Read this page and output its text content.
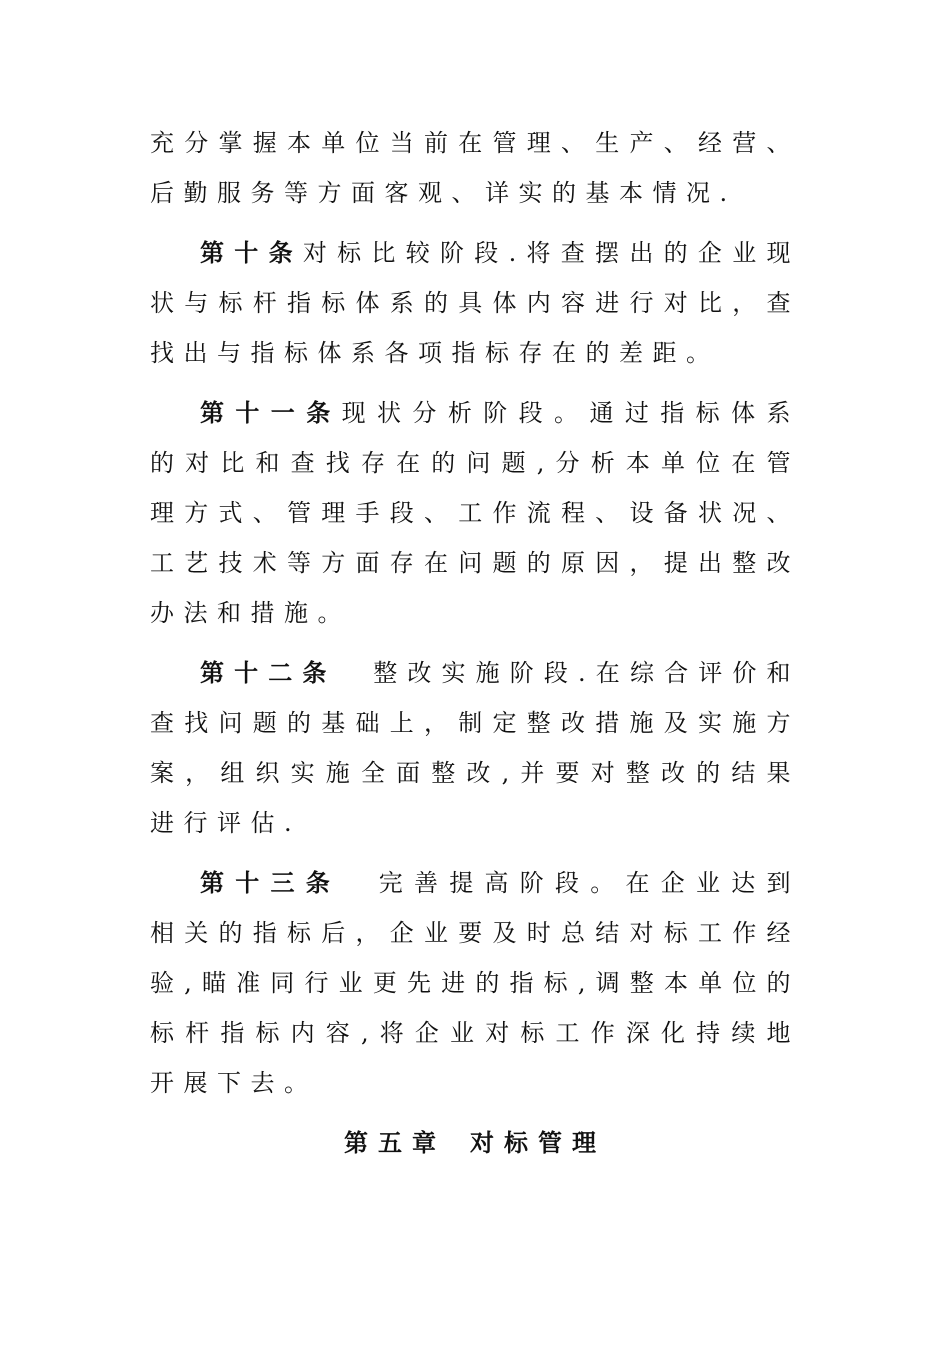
充分掌握本单位当前在管理、生产、经营、后勤服务等方面客观、详实的基本情况.

第十条对标比较阶段.将查摆出的企业现状与标杆指标体系的具体内容进行对比，查找出与指标体系各项指标存在的差距。

第十一条现状分析阶段。通过指标体系的对比和查找存在的问题,分析本单位在管理方式、管理手段、工作流程、设备状况、工艺技术等方面存在问题的原因，提出整改办法和措施。

第十二条 整改实施阶段.在综合评价和查找问题的基础上，制定整改措施及实施方案，组织实施全面整改,并要对整改的结果进行评估.

第十三条 完善提高阶段。在企业达到相关的指标后，企业要及时总结对标工作经验,瞄准同行业更先进的指标,调整本单位的标杆指标内容,将企业对标工作深化持续地开展下去。

第五章 对标管理
